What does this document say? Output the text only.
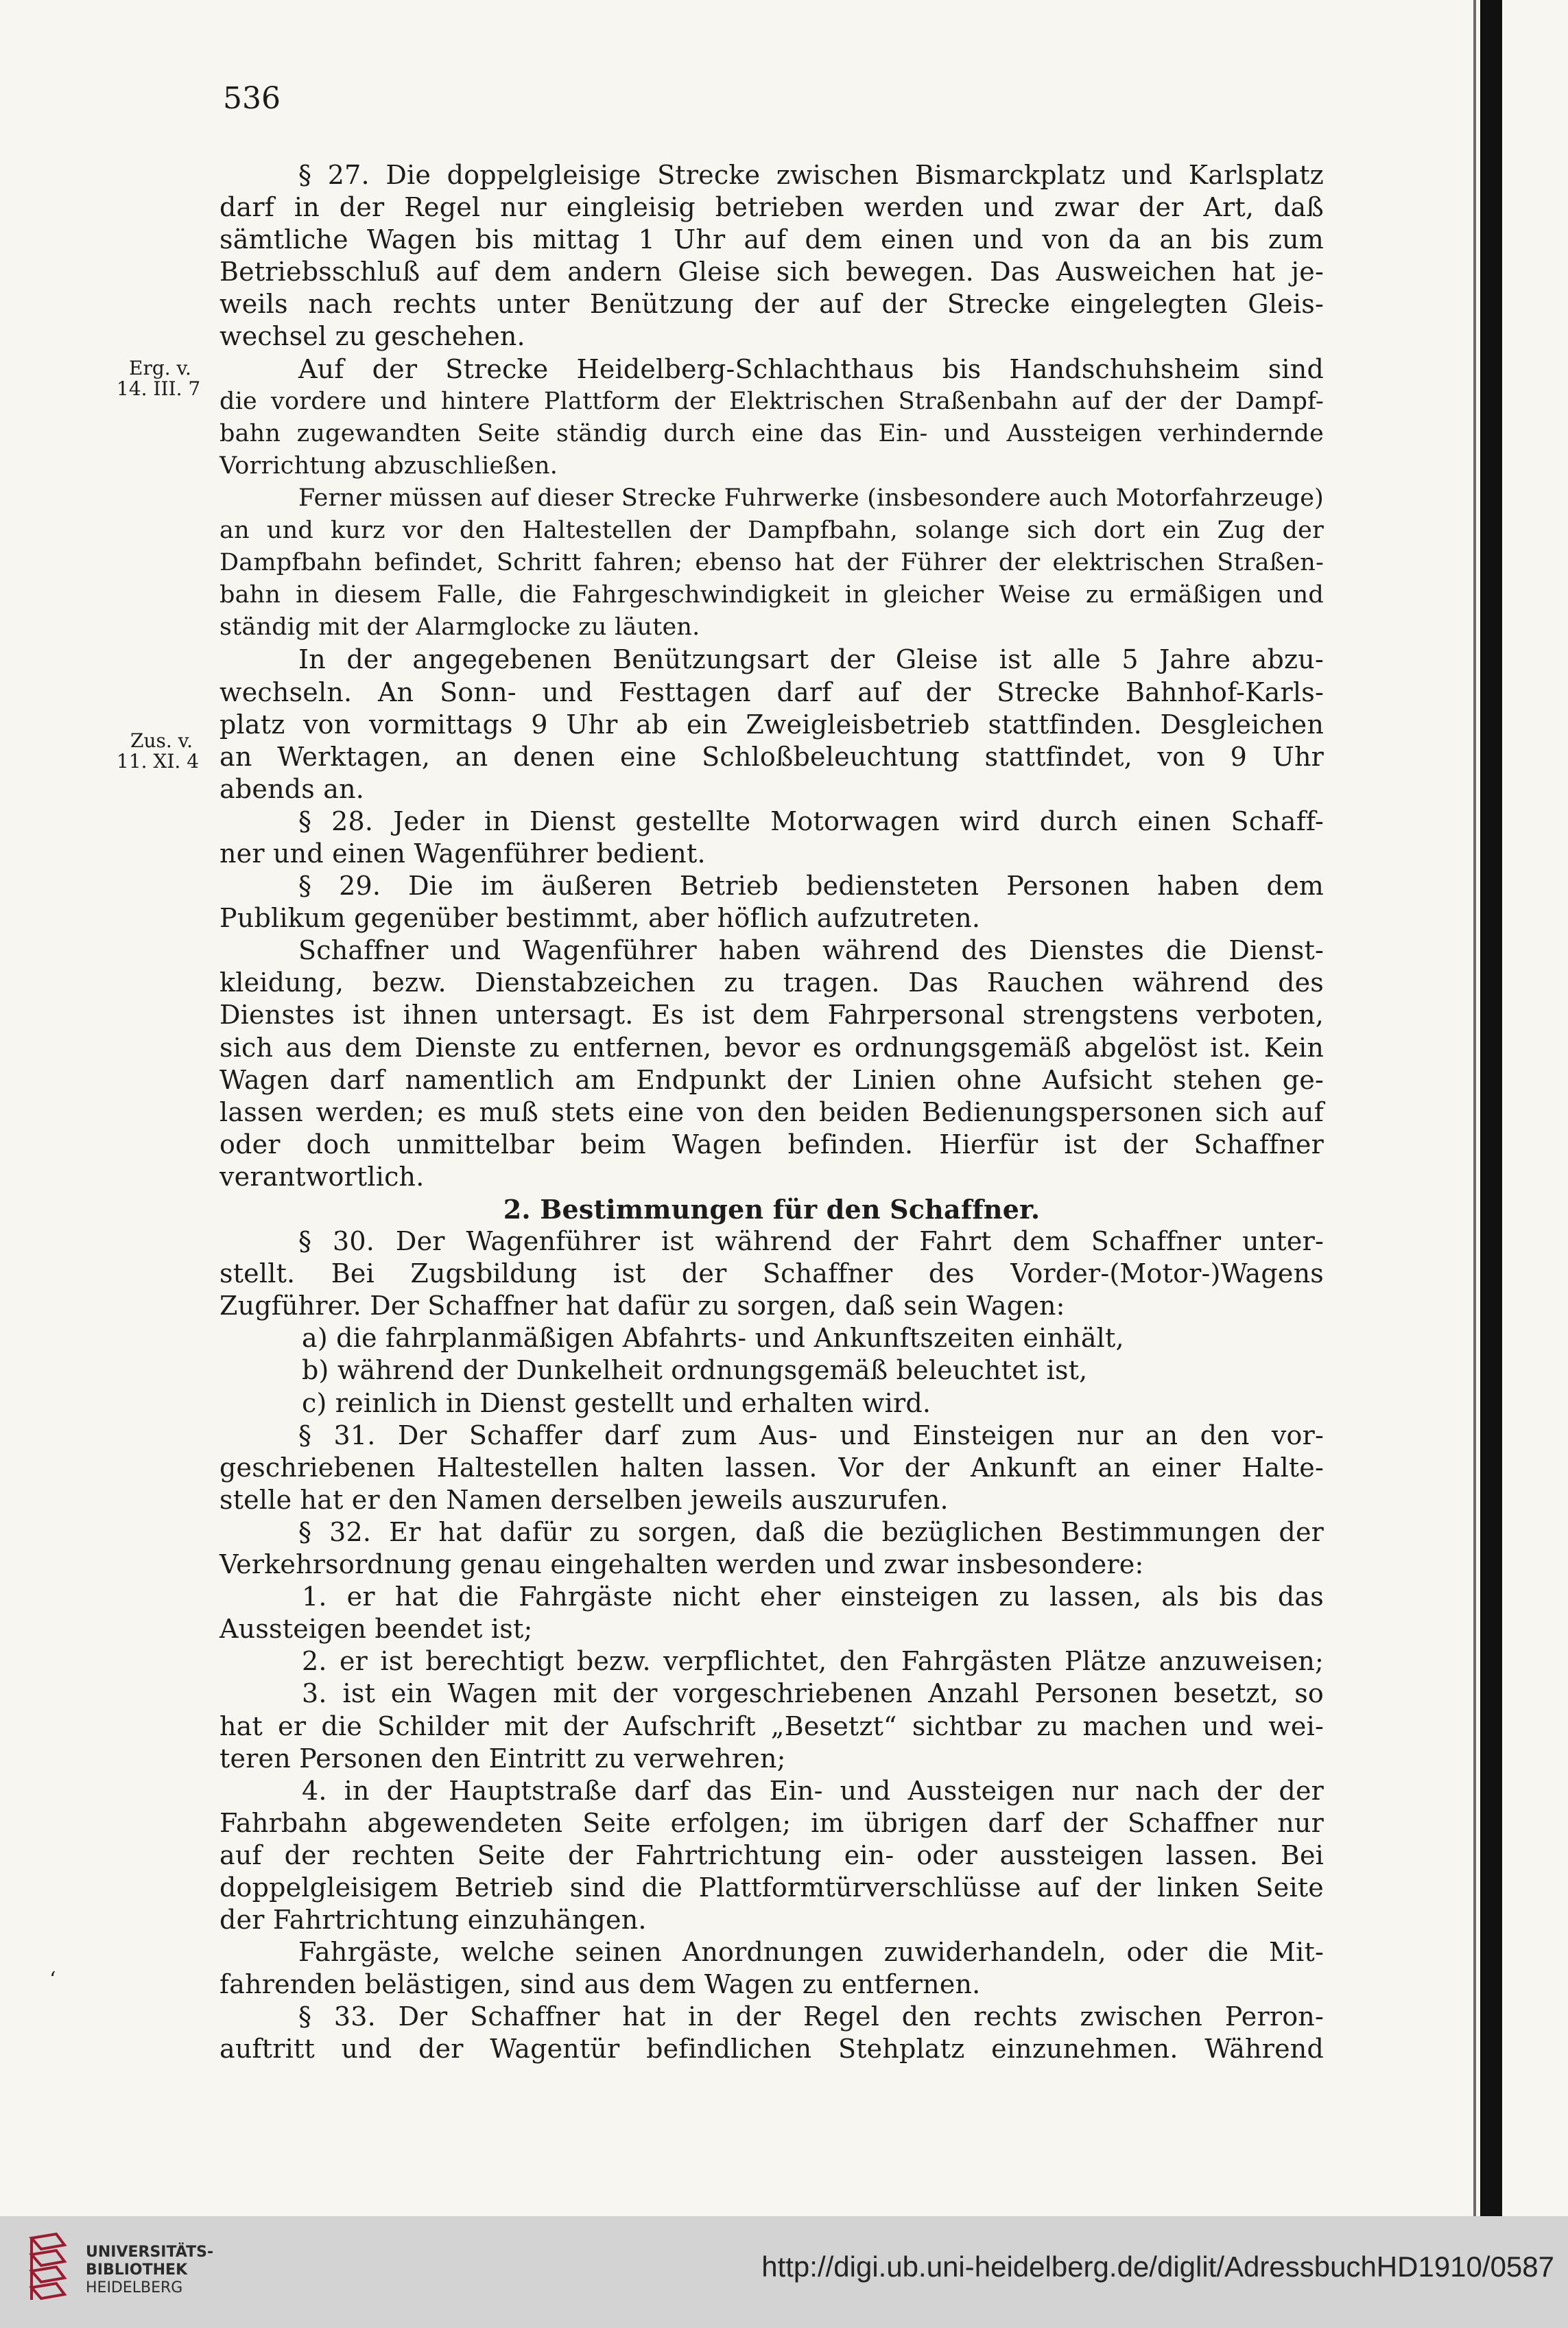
536
Erg. v.
14. III. 7
Zus. v.
11. XI. 4
§ 27. Die doppelgleisige Strecke zwischen Bismarckplatz und Karlsplatz
darf in der Regel nur eingleisig betrieben werden und zwar der Art, daß
sämtliche Wagen bis mittag 1 Uhr auf dem einen und von da an bis zum
Betriebsschluß auf dem andern Gleise sich bewegen. Das Ausweichen hat je-
weils nach rechts unter Benützung der auf der Strecke eingelegten Gleis-
wechsel zu geschehen.
Auf der Strecke Heidelberg-Schlachthaus bis Handschuhsheim sind
die vordere und hintere Plattform der Elektrischen Straßenbahn auf der der Dampf-
bahn zugewandten Seite ständig durch eine das Ein- und Aussteigen verhindernde
Vorrichtung abzuschließen.
Ferner müssen auf dieser Strecke Fuhrwerke (insbesondere auch Motorfahrzeuge)
an und kurz vor den Haltestellen der Dampfbahn, solange sich dort ein Zug der
Dampfbahn befindet, Schritt fahren; ebenso hat der Führer der elektrischen Straßen-
bahn in diesem Falle, die Fahrgeschwindigkeit in gleicher Weise zu ermäßigen und
ständig mit der Alarmglocke zu läuten.
In der angegebenen Benützungsart der Gleise ist alle 5 Jahre abzu-
wechseln. An Sonn- und Festtagen darf auf der Strecke Bahnhof-Karls-
platz von vormittags 9 Uhr ab ein Zweigleisbetrieb stattfinden. Desgleichen
an Werktagen, an denen eine Schloßbeleuchtung stattfindet, von 9 Uhr
abends an.
§ 28. Jeder in Dienst gestellte Motorwagen wird durch einen Schaff-
ner und einen Wagenführer bedient.
§ 29. Die im äußeren Betrieb bediensteten Personen haben dem
Publikum gegenüber bestimmt, aber höflich aufzutreten.
Schaffner und Wagenführer haben während des Dienstes die Dienst-
kleidung, bezw. Dienstabzeichen zu tragen. Das Rauchen während des
Dienstes ist ihnen untersagt. Es ist dem Fahrpersonal strengstens verboten,
sich aus dem Dienste zu entfernen, bevor es ordnungsgemäß abgelöst ist. Kein
Wagen darf namentlich am Endpunkt der Linien ohne Aufsicht stehen ge-
lassen werden; es muß stets eine von den beiden Bedienungspersonen sich auf
oder doch unmittelbar beim Wagen befinden. Hierfür ist der Schaffner
verantwortlich.
2. Bestimmungen für den Schaffner.
§ 30. Der Wagenführer ist während der Fahrt dem Schaffner unter-
stellt. Bei Zugsbildung ist der Schaffner des Vorder-(Motor-)Wagens
Zugführer. Der Schaffner hat dafür zu sorgen, daß sein Wagen:
a) die fahrplanmäßigen Abfahrts- und Ankunftszeiten einhält,
b) während der Dunkelheit ordnungsgemäß beleuchtet ist,
c) reinlich in Dienst gestellt und erhalten wird.
§ 31. Der Schaffer darf zum Aus- und Einsteigen nur an den vor-
geschriebenen Haltestellen halten lassen. Vor der Ankunft an einer Halte-
stelle hat er den Namen derselben jeweils auszurufen.
§ 32. Er hat dafür zu sorgen, daß die bezüglichen Bestimmungen der
Verkehrsordnung genau eingehalten werden und zwar insbesondere:
1. er hat die Fahrgäste nicht eher einsteigen zu lassen, als bis das
Aussteigen beendet ist;
2. er ist berechtigt bezw. verpflichtet, den Fahrgästen Plätze anzuweisen;
3. ist ein Wagen mit der vorgeschriebenen Anzahl Personen besetzt, so
hat er die Schilder mit der Aufschrift „Besetzt“ sichtbar zu machen und wei-
teren Personen den Eintritt zu verwehren;
4. in der Hauptstraße darf das Ein- und Aussteigen nur nach der der
Fahrbahn abgewendeten Seite erfolgen; im übrigen darf der Schaffner nur
auf der rechten Seite der Fahrtrichtung ein- oder aussteigen lassen. Bei
doppelgleisigem Betrieb sind die Plattformtürverschlüsse auf der linken Seite
der Fahrtrichtung einzuhängen.
Fahrgäste, welche seinen Anordnungen zuwiderhandeln, oder die Mit-
fahrenden belästigen, sind aus dem Wagen zu entfernen.
§ 33. Der Schaffner hat in der Regel den rechts zwischen Perron-
auftritt und der Wagentür befindlichen Stehplatz einzunehmen. Während
ʻ
UNIVERSITÄTS-
BIBLIOTHEK
HEIDELBERG
http://digi.ub.uni-heidelberg.de/diglit/AdressbuchHD1910/0587
